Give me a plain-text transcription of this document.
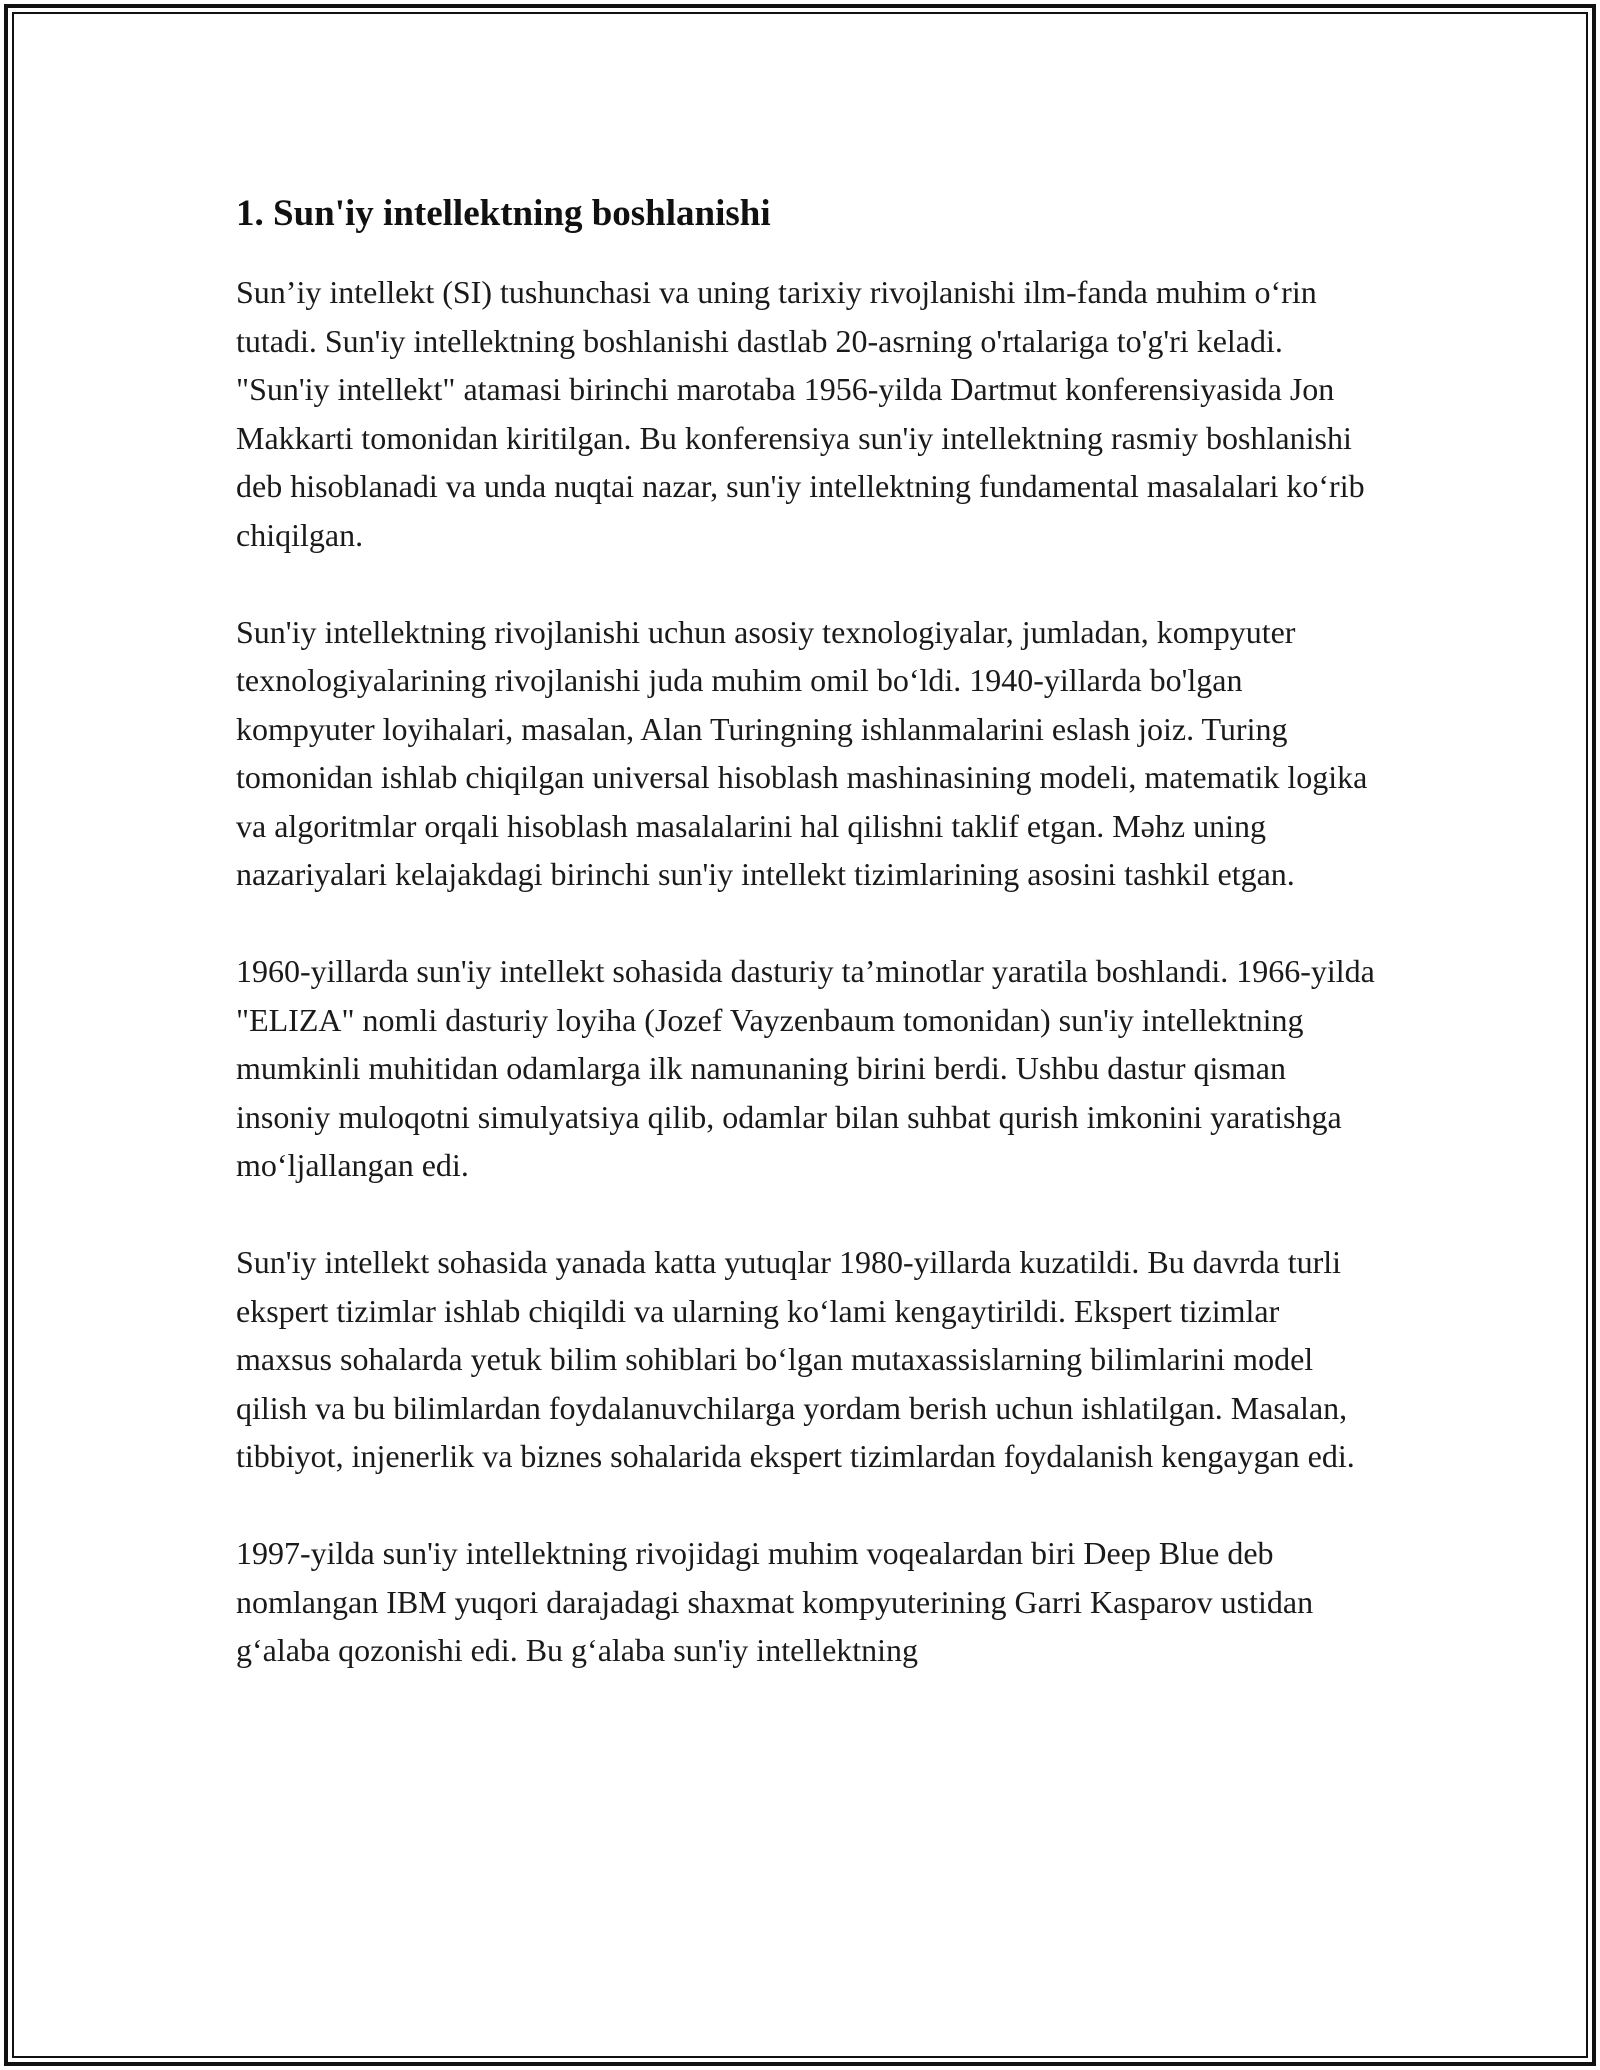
1. Sun'iy intellektning boshlanishi

Sun’iy intellekt (SI) tushunchasi va uning tarixiy rivojlanishi ilm-fanda muhim o‘rin tutadi. Sun'iy intellektning boshlanishi dastlab 20-asrning o'rtalariga to'g'ri keladi. "Sun'iy intellekt" atamasi birinchi marotaba 1956-yilda Dartmut konferensiyasida Jon Makkarti tomonidan kiritilgan. Bu konferensiya sun'iy intellektning rasmiy boshlanishi deb hisoblanadi va unda nuqtai nazar, sun'iy intellektning fundamental masalalari ko‘rib chiqilgan.

Sun'iy intellektning rivojlanishi uchun asosiy texnologiyalar, jumladan, kompyuter texnologiyalarining rivojlanishi juda muhim omil bo‘ldi. 1940-yillarda bo'lgan kompyuter loyihalari, masalan, Alan Turingning ishlanmalarini eslash joiz. Turing tomonidan ishlab chiqilgan universal hisoblash mashinasining modeli, matematik logika va algoritmlar orqali hisoblash masalalarini hal qilishni taklif etgan. Məhz uning nazariyalari kelajakdagi birinchi sun'iy intellekt tizimlarining asosini tashkil etgan.

1960-yillarda sun'iy intellekt sohasida dasturiy ta’minotlar yaratila boshlandi. 1966-yilda "ELIZA" nomli dasturiy loyiha (Jozef Vayzenbaum tomonidan) sun'iy intellektning mumkinli muhitidan odamlarga ilk namunaning birini berdi. Ushbu dastur qisman insoniy muloqotni simulyatsiya qilib, odamlar bilan suhbat qurish imkonini yaratishga mo‘ljallangan edi.

Sun'iy intellekt sohasida yanada katta yutuqlar 1980-yillarda kuzatildi. Bu davrda turli ekspert tizimlar ishlab chiqildi va ularning ko‘lami kengaytirildi. Ekspert tizimlar maxsus sohalarda yetuk bilim sohiblari bo‘lgan mutaxassislarning bilimlarini model qilish va bu bilimlardan foydalanuvchilarga yordam berish uchun ishlatilgan. Masalan, tibbiyot, injenerlik va biznes sohalarida ekspert tizimlardan foydalanish kengaygan edi.

1997-yilda sun'iy intellektning rivojidagi muhim voqealardan biri Deep Blue deb nomlangan IBM yuqori darajadagi shaxmat kompyuterining Garri Kasparov ustidan g‘alaba qozonishi edi. Bu g‘alaba sun'iy intellektning
